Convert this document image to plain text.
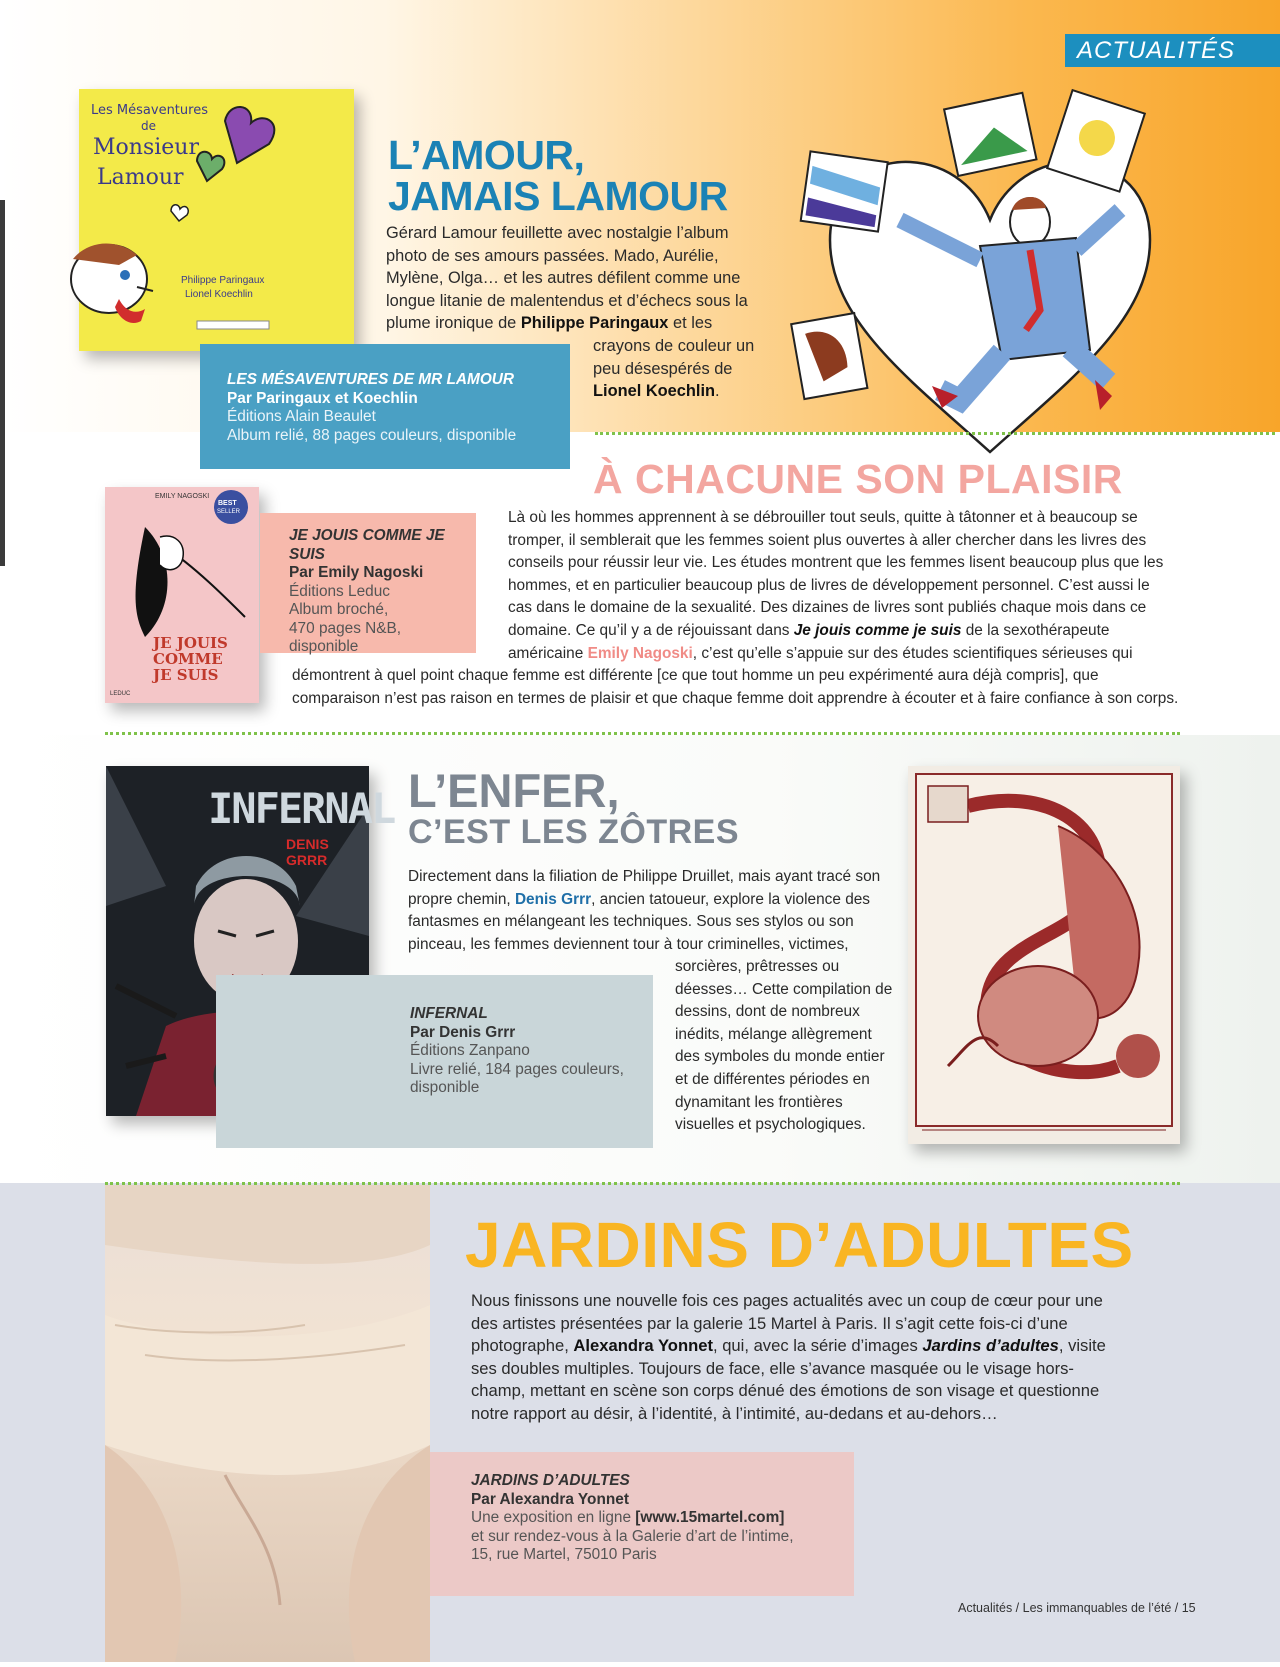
ACTUALITÉS
Les Mésaventures
de
Monsieur
Lamour
Philippe Paringaux
Lionel Koechlin
L’AMOUR,
JAMAIS LAMOUR

Gérard Lamour feuillette avec nostalgie l’album

photo de ses amours passées. Mado, Aurélie,

Mylène, Olga… et les autres défilent comme une

longue litanie de malentendus et d’échecs sous la

plume ironique de Philippe Paringaux et les

crayons de couleur un

peu désespérés de

Lionel Koechlin.

LES MÉSAVENTURES DE MR LAMOUR
Par Paringaux et Koechlin
Éditions Alain Beaulet
Album relié, 88 pages couleurs, disponible
À CHACUNE SON PLAISIR
EMILY NAGOSKI
BEST
SELLER
JE JOUIS
COMME
JE SUIS
LEDUC
JE JOUIS COMME JE SUIS
Par Emily Nagoski
Éditions Leduc
Album broché,
470 pages N&B,
disponible

Là où les hommes apprennent à se débrouiller tout seuls, quitte à tâtonner et à beaucoup se

tromper, il semblerait que les femmes soient plus ouvertes à aller chercher dans les livres des

conseils pour réussir leur vie. Les études montrent que les femmes lisent beaucoup plus que les

hommes, et en particulier beaucoup plus de livres de développement personnel. C’est aussi le

cas dans le domaine de la sexualité. Des dizaines de livres sont publiés chaque mois dans ce

domaine. Ce qu’il y a de réjouissant dans Je jouis comme je suis de la sexothérapeute

américaine Emily Nagoski, c’est qu’elle s’appuie sur des études scientifiques sérieuses qui

démontrent à quel point chaque femme est différente [ce que tout homme un peu expérimenté aura déjà compris], que

comparaison n’est pas raison en termes de plaisir et que chaque femme doit apprendre à écouter et à faire confiance à son corps.

INFERNAL
DENIS GRRR
L’ENFER,
C’EST LES ZÔTRES

Directement dans la filiation de Philippe Druillet, mais ayant tracé son

propre chemin, Denis Grrr, ancien tatoueur, explore la violence des

fantasmes en mélangeant les techniques. Sous ses stylos ou son

pinceau, les femmes deviennent tour à tour criminelles, victimes,

sorcières, prêtresses ou

déesses… Cette compilation de

dessins, dont de nombreux

inédits, mélange allègrement

des symboles du monde entier

et de différentes périodes en

dynamitant les frontières

visuelles et psychologiques.

INFERNAL
Par Denis Grrr
Éditions Zanpano
Livre relié, 184 pages couleurs,
disponible
JARDINS D’ADULTES

Nous finissons une nouvelle fois ces pages actualités avec un coup de cœur pour une

des artistes présentées par la galerie 15 Martel à Paris. Il s’agit cette fois-ci d’une

photographe, Alexandra Yonnet, qui, avec la série d’images Jardins d’adultes, visite

ses doubles multiples. Toujours de face, elle s’avance masquée ou le visage hors-

champ, mettant en scène son corps dénué des émotions de son visage et questionne

notre rapport au désir, à l’identité, à l’intimité, au-dedans et au-dehors…

JARDINS D’ADULTES
Par Alexandra Yonnet
Une exposition en ligne [www.15martel.com]
et sur rendez-vous à la Galerie d’art de l’intime,
15, rue Martel, 75010 Paris
Actualités / Les immanquables de l’été / 15
